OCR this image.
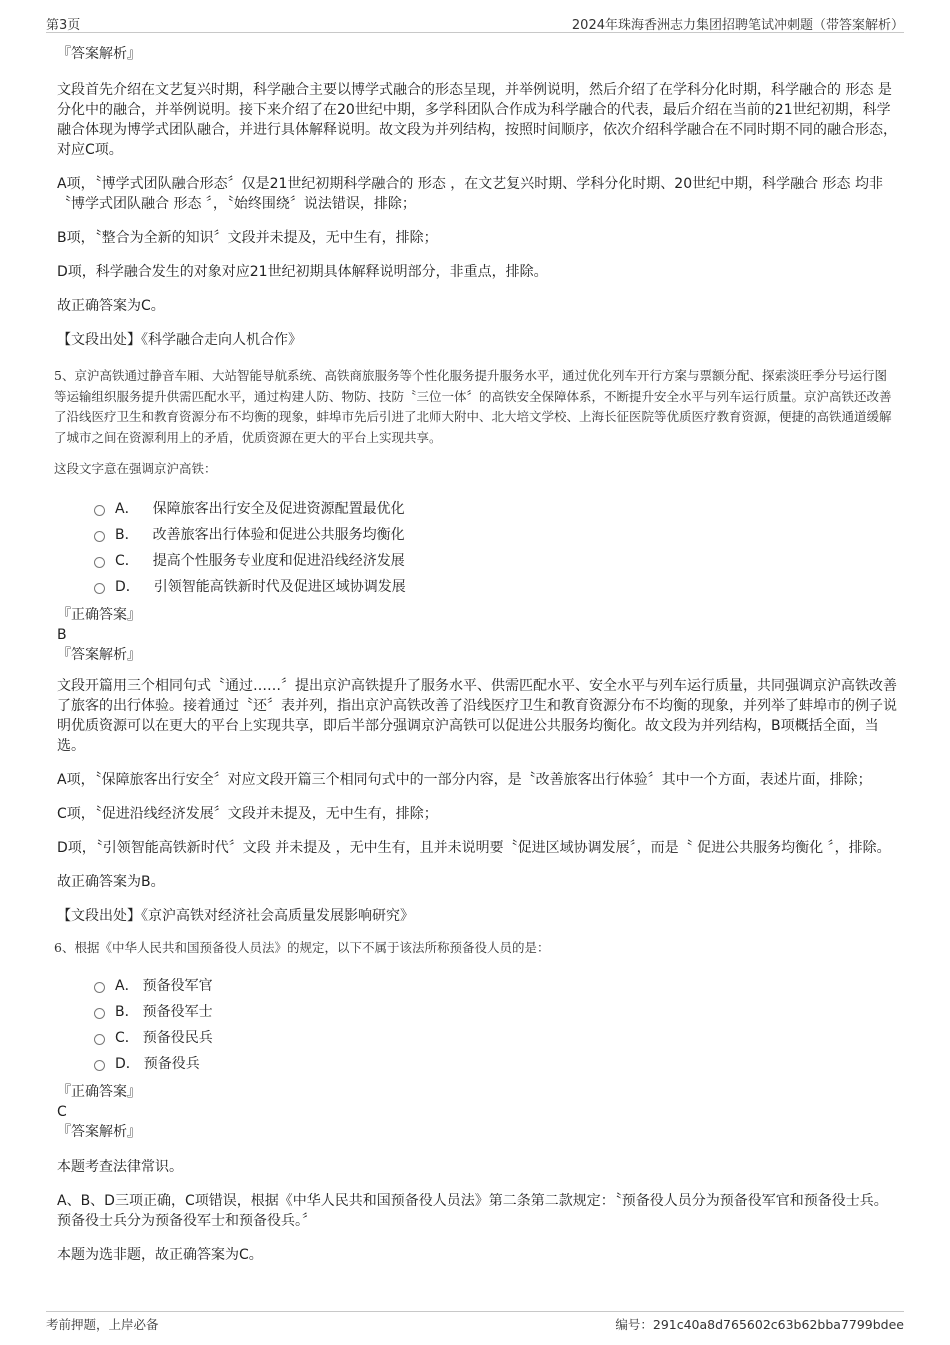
第3页	2024年珠海香洲志力集团招聘笔试冲刺题（带答案解析）

『答案解析』

文段首先介绍在文艺复兴时期，科学融合主要以博学式融合的形态呈现，并举例说明，然后介绍了在学科分化时期，科学融合的 形态 是分化中的融合，并举例说明。接下来介绍了在20世纪中期，多学科团队合作成为科学融合的代表，最后介绍在当前的21世纪初期，科学融合体现为博学式团队融合，并进行具体解释说明。故文段为并列结构，按照时间顺序，依次介绍科学融合在不同时期不同的融合形态，对应C项。

A项，〝博学式团队融合形态〞仅是21世纪初期科学融合的 形态 ，在文艺复兴时期、学科分化时期、20世纪中期，科学融合 形态 均非〝博学式团队融合 形态 〞，〝始终围绕〞说法错误，排除；

B项，〝整合为全新的知识〞文段并未提及，无中生有，排除；

D项，科学融合发生的对象对应21世纪初期具体解释说明部分，非重点，排除。

故正确答案为C。

【文段出处】《科学融合走向人机合作》

5、京沪高铁通过静音车厢、大站智能导航系统、高铁商旅服务等个性化服务提升服务水平，通过优化列车开行方案与票额分配、探索淡旺季分号运行图等运输组织服务提升供需匹配水平，通过构建人防、物防、技防〝三位一体〞的高铁安全保障体系，不断提升安全水平与列车运行质量。京沪高铁还改善了沿线医疗卫生和教育资源分布不均衡的现象，蚌埠市先后引进了北师大附中、北大培文学校、上海长征医院等优质医疗教育资源，便捷的高铁通道缓解了城市之间在资源利用上的矛盾，优质资源在更大的平台上实现共享。

这段文字意在强调京沪高铁：

A． 保障旅客出行安全及促进资源配置最优化
B． 改善旅客出行体验和促进公共服务均衡化
C． 提高个性服务专业度和促进沿线经济发展
D． 引领智能高铁新时代及促进区域协调发展

『正确答案』

B

『答案解析』

文段开篇用三个相同句式〝通过……〞提出京沪高铁提升了服务水平、供需匹配水平、安全水平与列车运行质量，共同强调京沪高铁改善了旅客的出行体验。接着通过〝还〞表并列，指出京沪高铁改善了沿线医疗卫生和教育资源分布不均衡的现象，并列举了蚌埠市的例子说明优质资源可以在更大的平台上实现共享，即后半部分强调京沪高铁可以促进公共服务均衡化。故文段为并列结构，B项概括全面，当选。

A项，〝保障旅客出行安全〞对应文段开篇三个相同句式中的一部分内容，是〝改善旅客出行体验〞其中一个方面，表述片面，排除；

C项，〝促进沿线经济发展〞文段并未提及，无中生有，排除；

D项，〝引领智能高铁新时代〞文段 并未提及 ，无中生有，且并未说明要〝促进区域协调发展〞，而是〝 促进公共服务均衡化 〞，排除。

故正确答案为B。

【文段出处】《京沪高铁对经济社会高质量发展影响研究》

6、根据《中华人民共和国预备役人员法》的规定，以下不属于该法所称预备役人员的是：

A． 预备役军官
B． 预备役军士
C． 预备役民兵
D． 预备役兵

『正确答案』

C

『答案解析』

本题考查法律常识。

A、B、D三项正确，C项错误，根据《中华人民共和国预备役人员法》第二条第二款规定：〝预备役人员分为预备役军官和预备役士兵。预备役士兵分为预备役军士和预备役兵。〞

本题为选非题，故正确答案为C。

考前押题，上岸必备	编号：291c40a8d765602c63b62bba7799bdee
